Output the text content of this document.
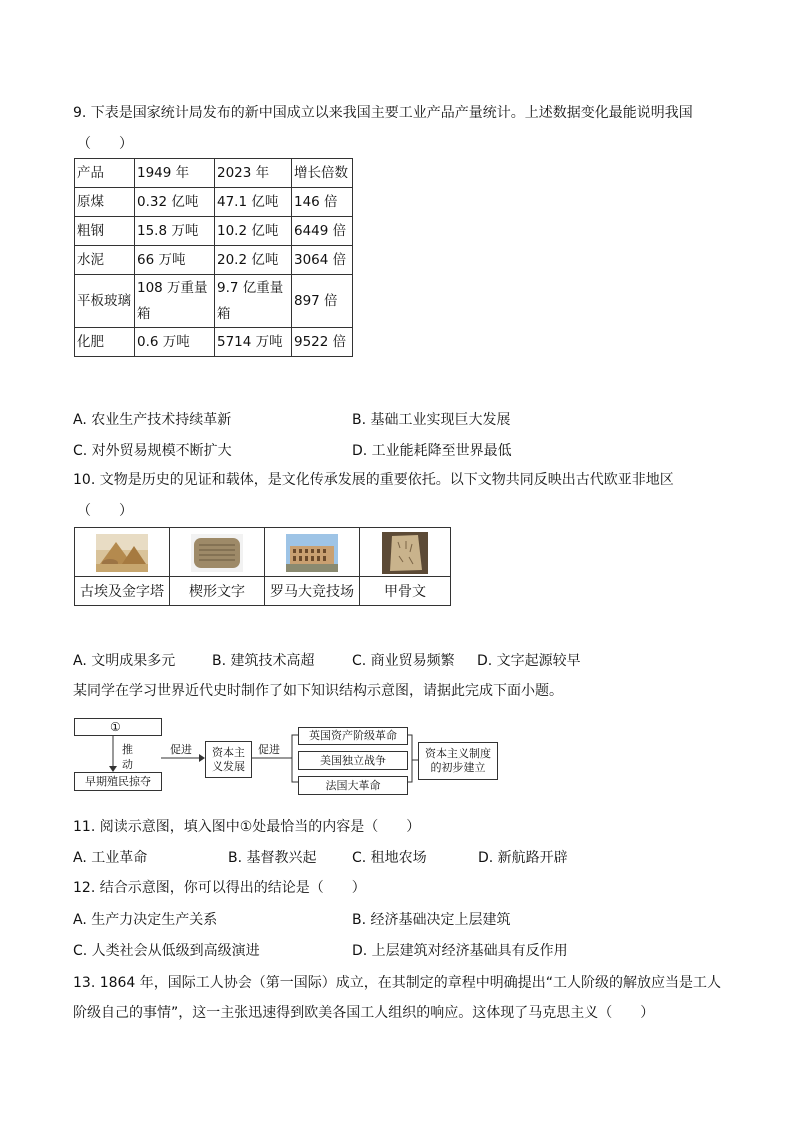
9. 下表是国家统计局发布的新中国成立以来我国主要工业产品产量统计。上述数据变化最能说明我国
（　　）
产品	1949 年	2023 年	增长倍数
原煤	0.32 亿吨	47.1 亿吨	146 倍
粗钢	15.8 万吨	10.2 亿吨	6449 倍
水泥	66 万吨	20.2 亿吨	3064 倍
平板玻璃	108 万重量箱	9.7 亿重量箱	897 倍
化肥	0.6 万吨	5714 万吨	9522 倍
A. 农业生产技术持续革新	B. 基础工业实现巨大发展
C. 对外贸易规模不断扩大	D. 工业能耗降至世界最低
10. 文物是历史的见证和载体，是文化传承发展的重要依托。以下文物共同反映出古代欧亚非地区
（　　）

古埃及金字塔	楔形文字	罗马大竞技场	甲骨文
A. 文明成果多元	B. 建筑技术高超	C. 商业贸易频繁 D. 文字起源较早
某同学在学习世界近代史时制作了如下知识结构示意图，请据此完成下面小题。
①
推
动
早期殖民掠夺
促进 资本主
义发展
促进
英国资产阶级革命
美国独立战争
法国大革命
资本主义制度
的初步建立
11. 阅读示意图，填入图中①处最恰当的内容是（　　）
A. 工业革命	B. 基督教兴起	C. 租地农场	D. 新航路开辟
12. 结合示意图，你可以得出的结论是（　　）
A. 生产力决定生产关系	B. 经济基础决定上层建筑
C. 人类社会从低级到高级演进	D. 上层建筑对经济基础具有反作用
13. 1864 年，国际工人协会（第一国际）成立，在其制定的章程中明确提出“工人阶级的解放应当是工人
阶级自己的事情”，这一主张迅速得到欧美各国工人组织的响应。这体现了马克思主义（　　）
